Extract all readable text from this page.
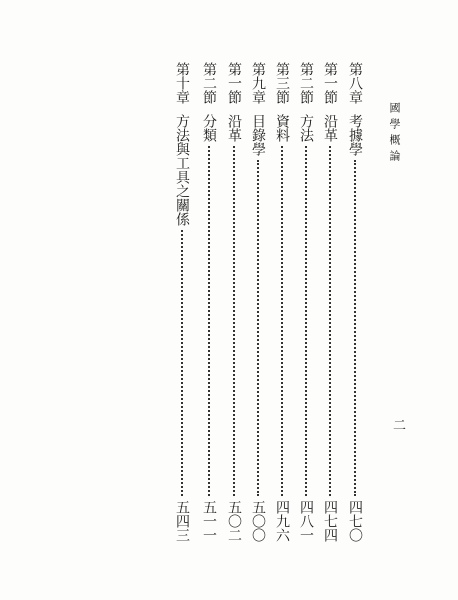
國學概論
二
第八章
考據學
四七〇
第一節
沿革
四七四
第二節
方法
四八一
第三節
資料
四九六
第九章
目錄學
五〇〇
第一節
沿革
五〇二
第二節
分類
五一一
第十章
方法與工具之關係
五四三
